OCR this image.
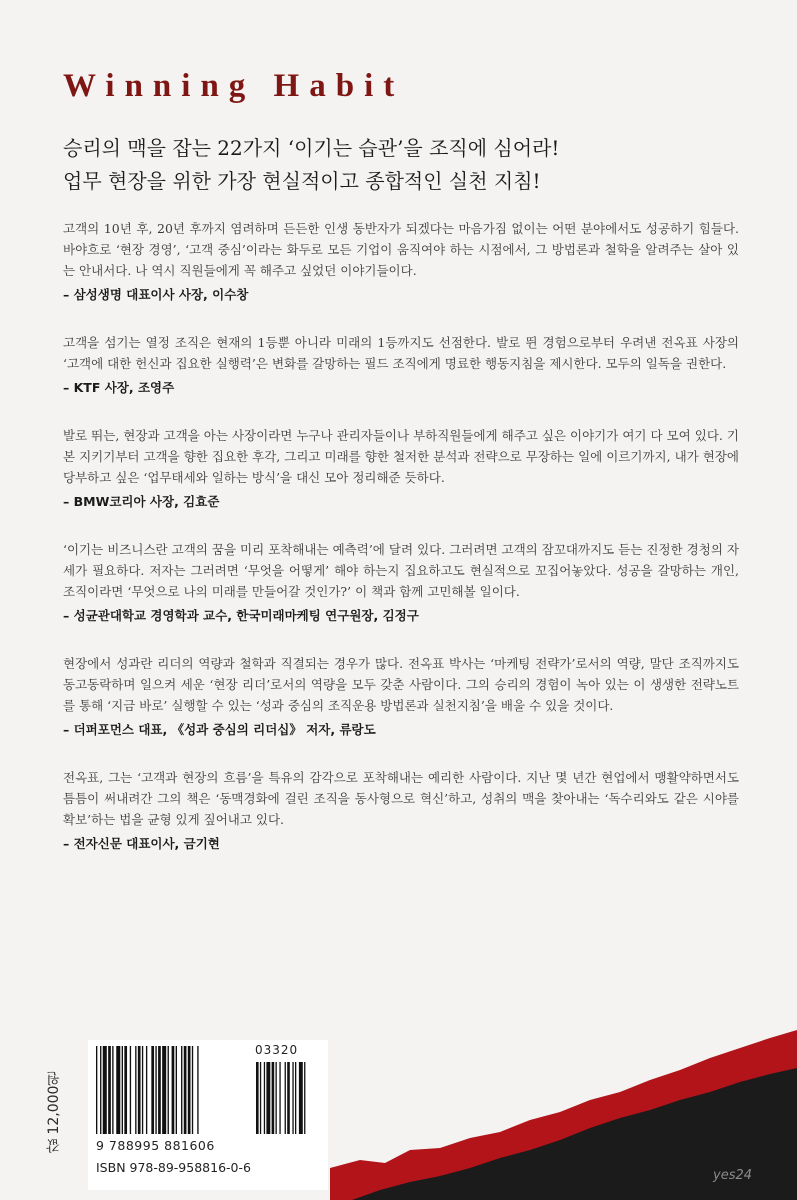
Winning Habit
승리의 맥을 잡는 22가지 ‘이기는 습관’을 조직에 심어라!
업무 현장을 위한 가장 현실적이고 종합적인 실천 지침!

고객의 10년 후, 20년 후까지 염려하며 든든한 인생 동반자가 되겠다는 마음가짐 없이는 어떤 분야에서도 성공하기 힘들다. 바야흐로 ‘현장 경영’, ‘고객 중심’이라는 화두로 모든 기업이 움직여야 하는 시점에서, 그 방법론과 철학을 알려주는 살아 있는 안내서다. 나 역시 직원들에게 꼭 해주고 싶었던 이야기들이다.

– 삼성생명 대표이사 사장, 이수창

고객을 섬기는 열정 조직은 현재의 1등뿐 아니라 미래의 1등까지도 선점한다. 발로 뛴 경험으로부터 우려낸 전옥표 사장의 ‘고객에 대한 헌신과 집요한 실행력’은 변화를 갈망하는 필드 조직에게 명료한 행동지침을 제시한다. 모두의 일독을 권한다.

– KTF 사장, 조영주

발로 뛰는, 현장과 고객을 아는 사장이라면 누구나 관리자들이나 부하직원들에게 해주고 싶은 이야기가 여기 다 모여 있다. 기본 지키기부터 고객을 향한 집요한 후각, 그리고 미래를 향한 철저한 분석과 전략으로 무장하는 일에 이르기까지, 내가 현장에 당부하고 싶은 ‘업무태세와 일하는 방식’을 대신 모아 정리해준 듯하다.

– BMW코리아 사장, 김효준

‘이기는 비즈니스란 고객의 꿈을 미리 포착해내는 예측력’에 달려 있다. 그러려면 고객의 잠꼬대까지도 듣는 진정한 경청의 자세가 필요하다. 저자는 그러려면 ‘무엇을 어떻게’ 해야 하는지 집요하고도 현실적으로 꼬집어놓았다. 성공을 갈망하는 개인, 조직이라면 ‘무엇으로 나의 미래를 만들어갈 것인가?’ 이 책과 함께 고민해볼 일이다.

– 성균관대학교 경영학과 교수, 한국미래마케팅 연구원장, 김정구

현장에서 성과란 리더의 역량과 철학과 직결되는 경우가 많다. 전옥표 박사는 ‘마케팅 전략가’로서의 역량, 말단 조직까지도 동고동락하며 일으켜 세운 ‘현장 리더’로서의 역량을 모두 갖춘 사람이다. 그의 승리의 경험이 녹아 있는 이 생생한 전략노트를 통해 ‘지금 바로’ 실행할 수 있는 ‘성과 중심의 조직운용 방법론과 실천지침’을 배울 수 있을 것이다.

– 더퍼포먼스 대표, 《성과 중심의 리더십》 저자, 류랑도

전옥표, 그는 ‘고객과 현장의 흐름’을 특유의 감각으로 포착해내는 예리한 사람이다. 지난 몇 년간 현업에서 맹활약하면서도 틈틈이 써내려간 그의 책은 ‘동맥경화에 걸린 조직을 동사형으로 혁신’하고, 성취의 맥을 찾아내는 ‘독수리와도 같은 시야를 확보’하는 법을 균형 있게 짚어내고 있다.

– 전자신문 대표이사, 금기현

값 12,000원
03320
9 788995 881606
ISBN 978-89-958816-0-6
yes24
